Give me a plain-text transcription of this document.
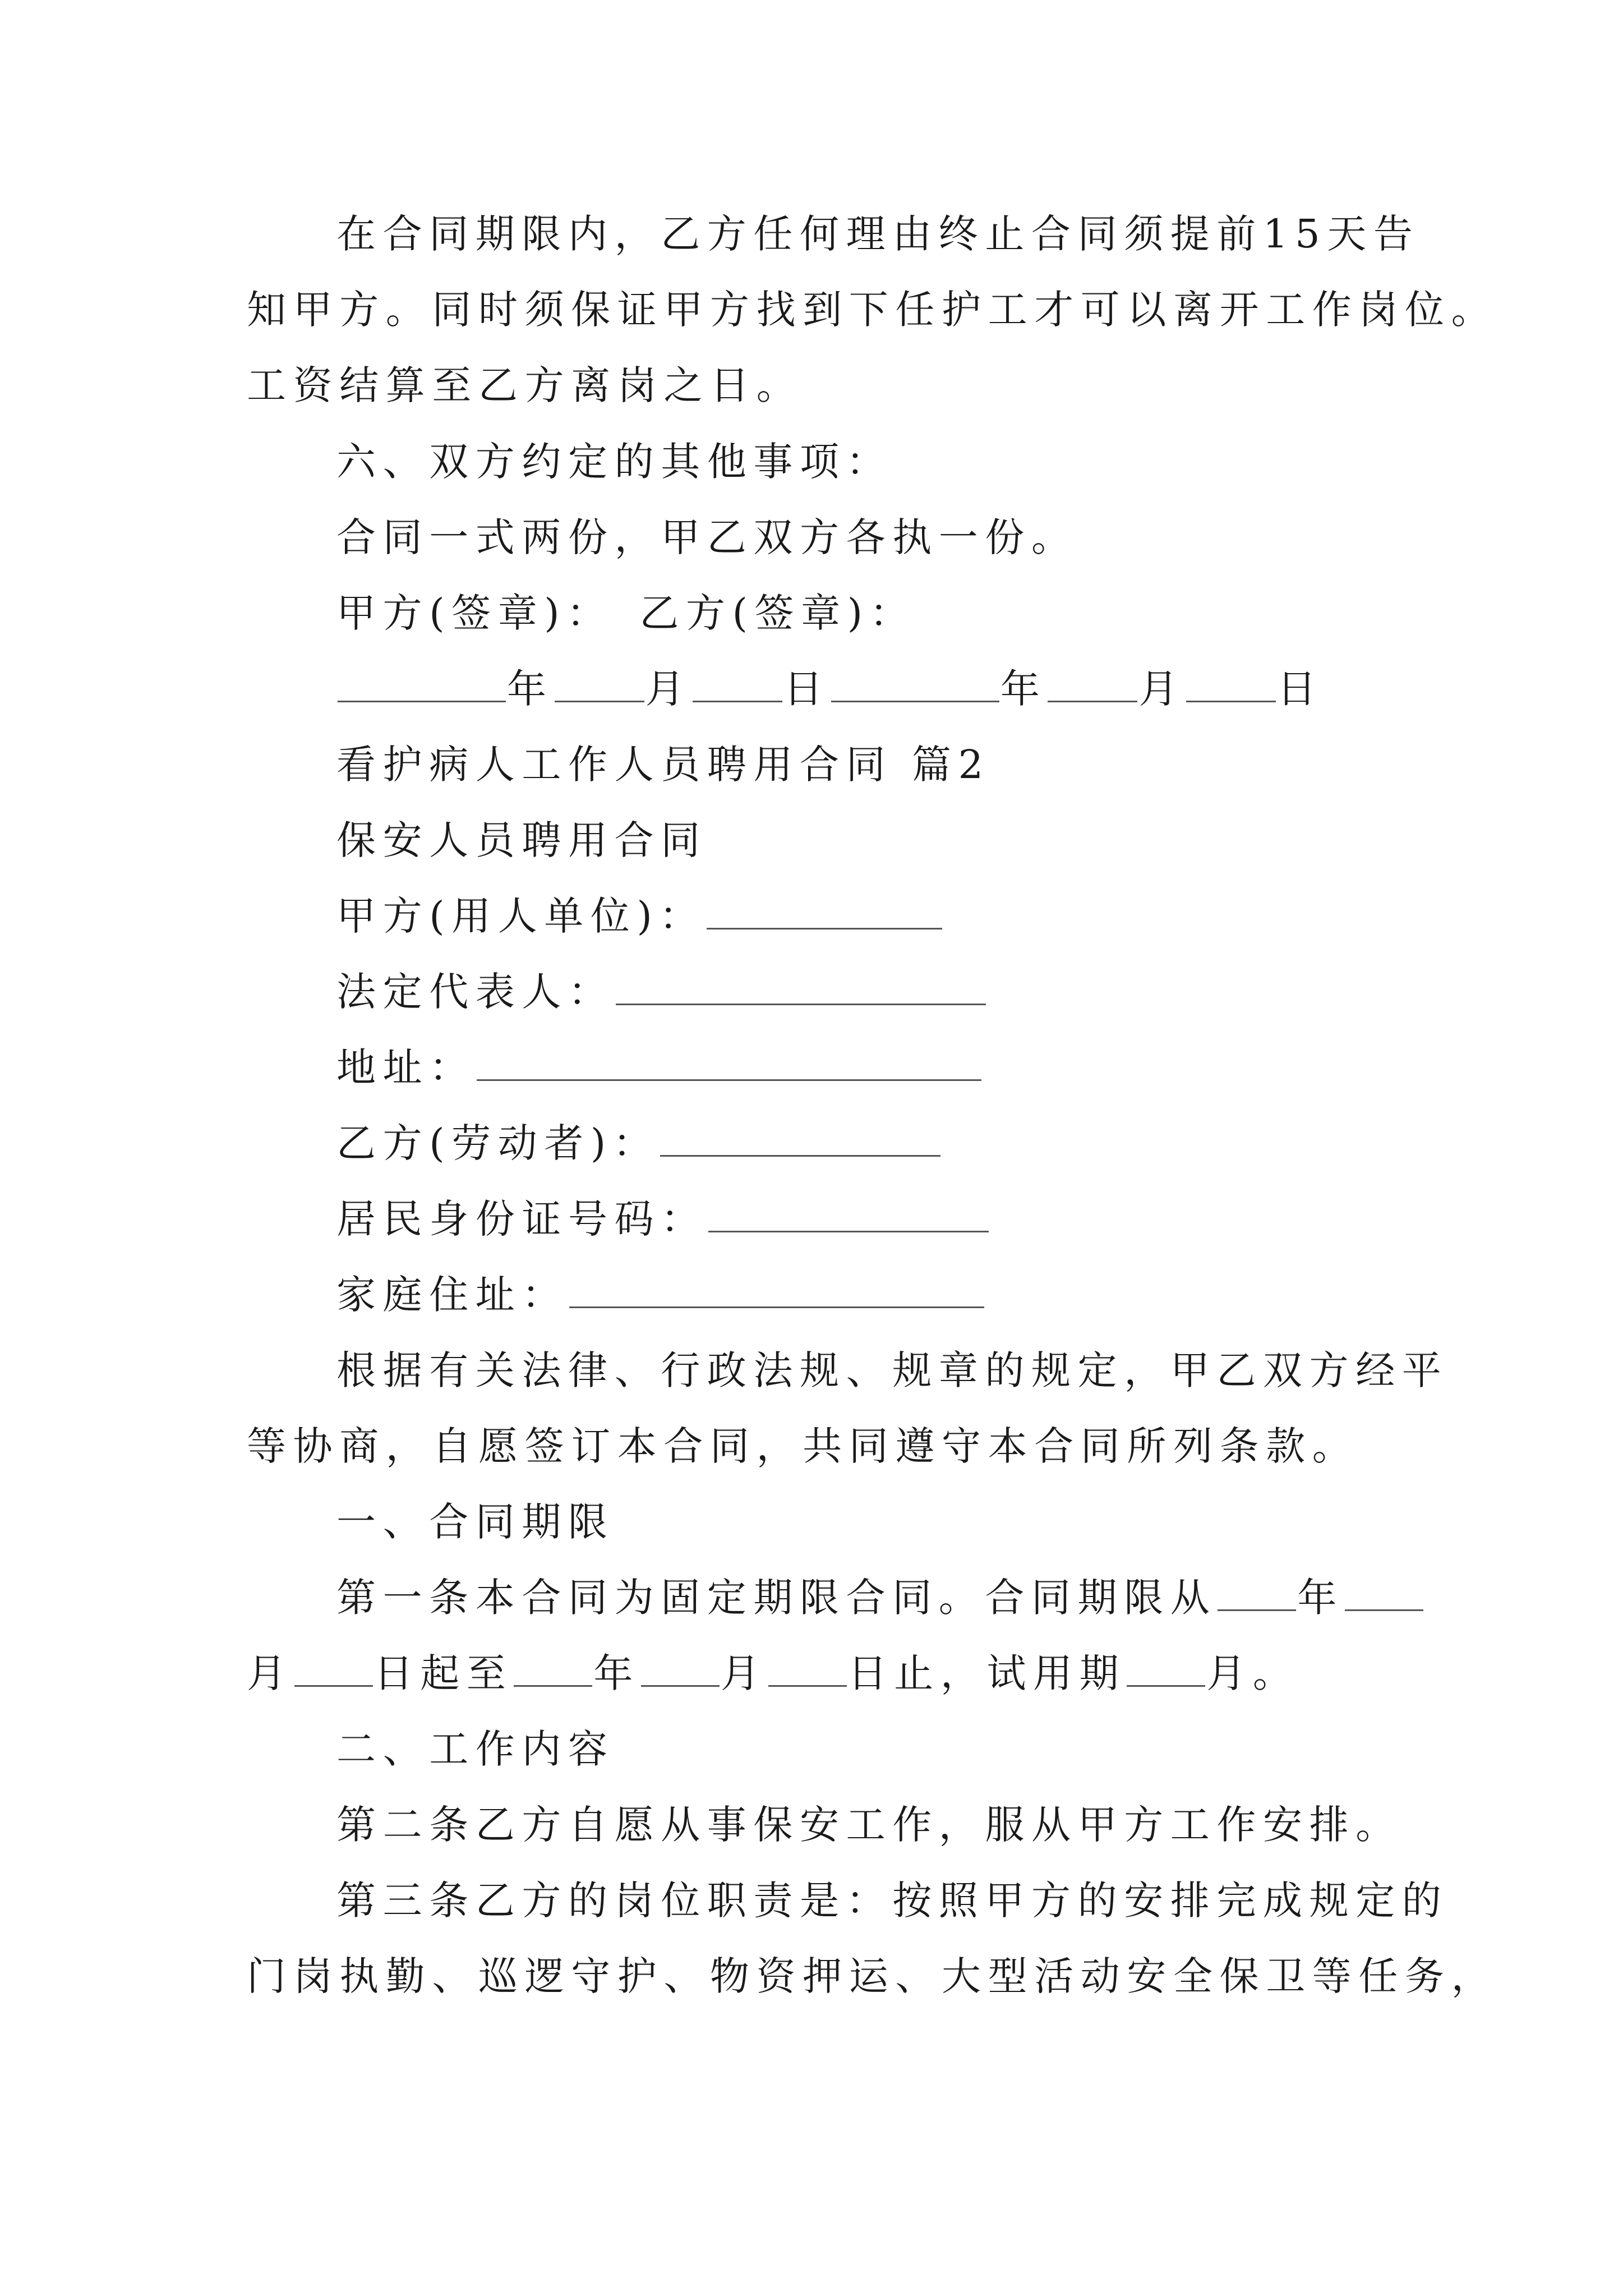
在合同期限内，乙方任何理由终止合同须提前15天告
知甲方。同时须保证甲方找到下任护工才可以离开工作岗位。
工资结算至乙方离岗之日。
六、双方约定的其他事项：
合同一式两份，甲乙双方各执一份。
甲方(签章)：　乙方(签章)：
年 月 日	年 月 日
看护病人工作人员聘用合同 篇2
保安人员聘用合同
甲方(用人单位)：
法定代表人：
地址：
乙方(劳动者)：
居民身份证号码：
家庭住址：
根据有关法律、行政法规、规章的规定，甲乙双方经平
等协商，自愿签订本合同，共同遵守本合同所列条款。
一、合同期限
第一条本合同为固定期限合同。合同期限从 年
月 日起至 年 月 日止，试用期 月。
二、工作内容
第二条乙方自愿从事保安工作，服从甲方工作安排。
第三条乙方的岗位职责是：按照甲方的安排完成规定的
门岗执勤、巡逻守护、物资押运、大型活动安全保卫等任务，
